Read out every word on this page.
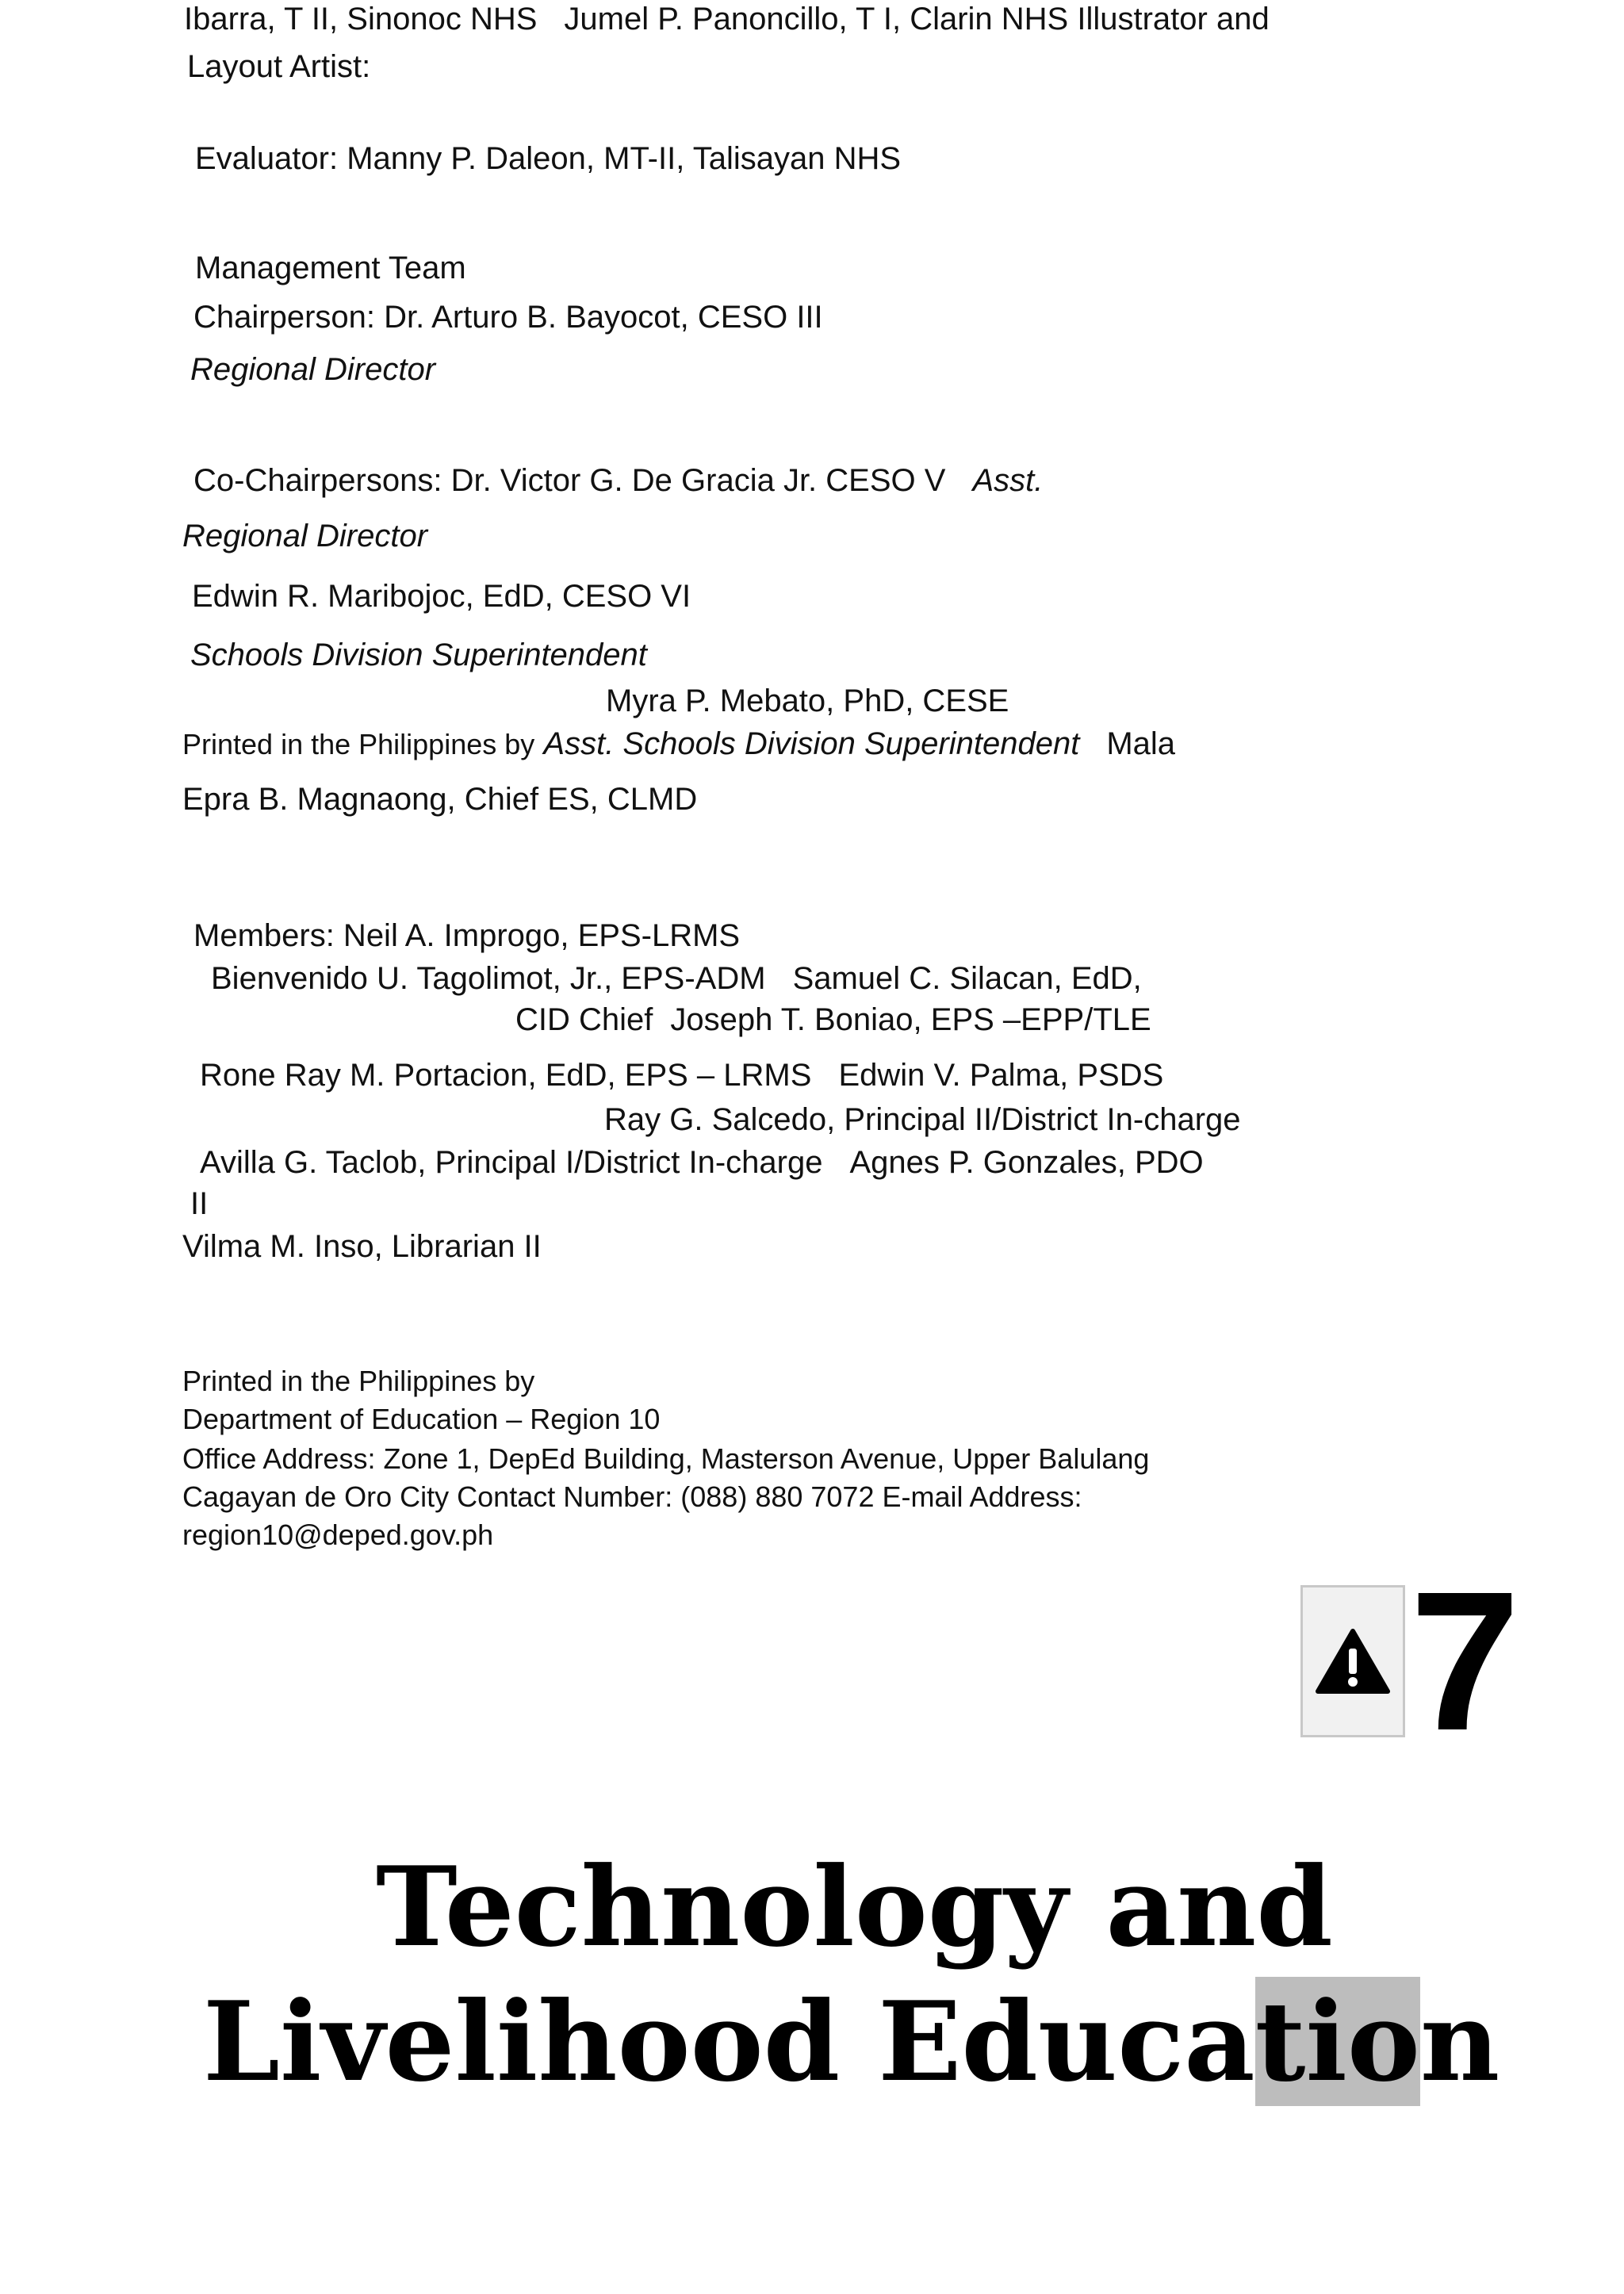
Ibarra, T II, Sinonoc NHS Jumel P. Panoncillo, T I, Clarin NHS Illustrator and
Layout Artist:
Evaluator: Manny P. Daleon, MT-II, Talisayan NHS
Management Team
Chairperson: Dr. Arturo B. Bayocot, CESO III
Regional Director
Co-Chairpersons: Dr. Victor G. De Gracia Jr. CESO V Asst.
Regional Director
Edwin R. Maribojoc, EdD, CESO VI
Schools Division Superintendent
Myra P. Mebato, PhD, CESE
Printed in the Philippines by Asst. Schools Division Superintendent Mala
Epra B. Magnaong, Chief ES, CLMD
Members: Neil A. Improgo, EPS-LRMS
Bienvenido U. Tagolimot, Jr., EPS-ADM Samuel C. Silacan, EdD,
CID Chief Joseph T. Boniao, EPS –EPP/TLE
Rone Ray M. Portacion, EdD, EPS – LRMS Edwin V. Palma, PSDS
Ray G. Salcedo, Principal II/District In-charge
Avilla G. Taclob, Principal I/District In-charge Agnes P. Gonzales, PDO
II
Vilma M. Inso, Librarian II
Printed in the Philippines by
Department of Education – Region 10
Office Address: Zone 1, DepEd Building, Masterson Avenue, Upper Balulang
Cagayan de Oro City Contact Number: (088) 880 7072 E-mail Address:
region10@deped.gov.ph
7
Technology and
Livelihood Education
